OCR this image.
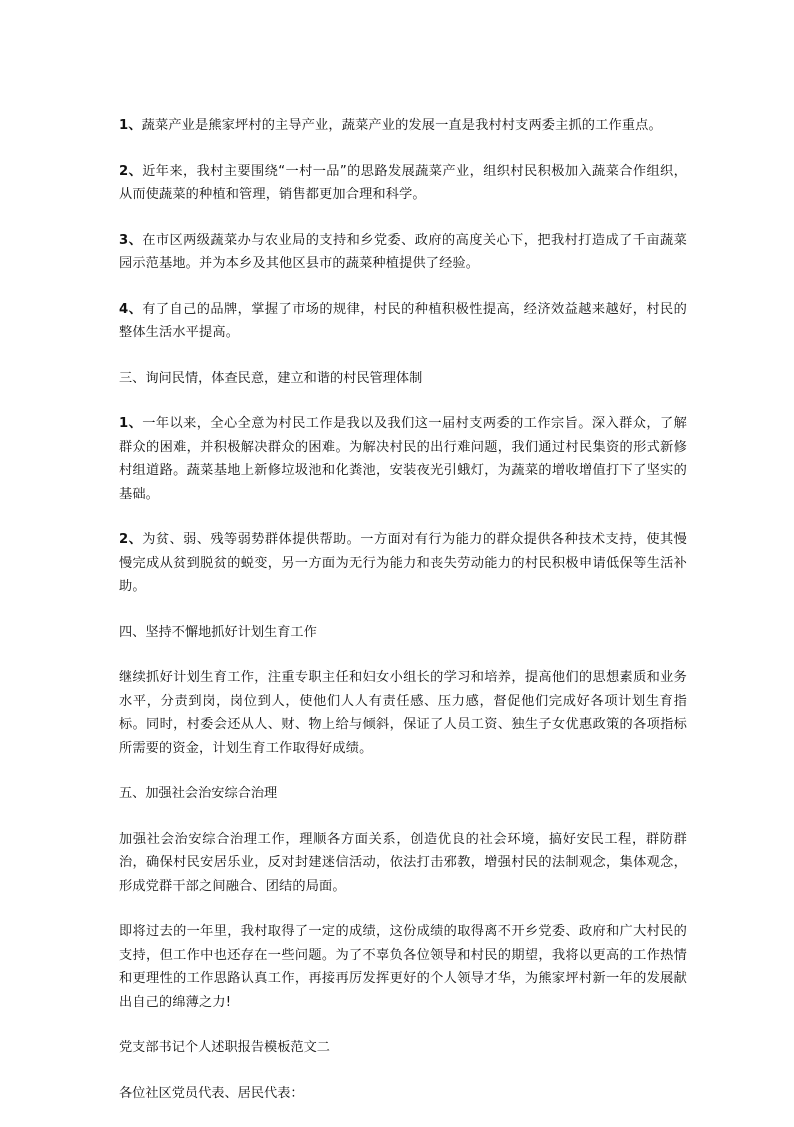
1、蔬菜产业是熊家坪村的主导产业，蔬菜产业的发展一直是我村村支两委主抓的工作重点。

2、近年来，我村主要围绕“一村一品”的思路发展蔬菜产业，组织村民积极加入蔬菜合作组织，从而使蔬菜的种植和管理，销售都更加合理和科学。

3、在市区两级蔬菜办与农业局的支持和乡党委、政府的高度关心下，把我村打造成了千亩蔬菜园示范基地。并为本乡及其他区县市的蔬菜种植提供了经验。

4、有了自己的品牌，掌握了市场的规律，村民的种植积极性提高，经济效益越来越好，村民的整体生活水平提高。

三、询问民情，体查民意，建立和谐的村民管理体制

1、一年以来，全心全意为村民工作是我以及我们这一届村支两委的工作宗旨。深入群众，了解群众的困难，并积极解决群众的困难。为解决村民的出行难问题，我们通过村民集资的形式新修村组道路。蔬菜基地上新修垃圾池和化粪池，安装夜光引蛾灯，为蔬菜的增收增值打下了坚实的基础。

2、为贫、弱、残等弱势群体提供帮助。一方面对有行为能力的群众提供各种技术支持，使其慢慢完成从贫到脱贫的蜕变，另一方面为无行为能力和丧失劳动能力的村民积极申请低保等生活补助。

四、坚持不懈地抓好计划生育工作

继续抓好计划生育工作，注重专职主任和妇女小组长的学习和培养，提高他们的思想素质和业务水平，分责到岗，岗位到人，使他们人人有责任感、压力感，督促他们完成好各项计划生育指标。同时，村委会还从人、财、物上给与倾斜，保证了人员工资、独生子女优惠政策的各项指标所需要的资金，计划生育工作取得好成绩。

五、加强社会治安综合治理

加强社会治安综合治理工作，理顺各方面关系，创造优良的社会环境，搞好安民工程，群防群治，确保村民安居乐业，反对封建迷信活动，依法打击邪教，增强村民的法制观念，集体观念，形成党群干部之间融合、团结的局面。

即将过去的一年里，我村取得了一定的成绩，这份成绩的取得离不开乡党委、政府和广大村民的支持，但工作中也还存在一些问题。为了不辜负各位领导和村民的期望，我将以更高的工作热情和更理性的工作思路认真工作，再接再厉发挥更好的个人领导才华，为熊家坪村新一年的发展献出自己的绵薄之力!

党支部书记个人述职报告模板范文二

各位社区党员代表、居民代表：
